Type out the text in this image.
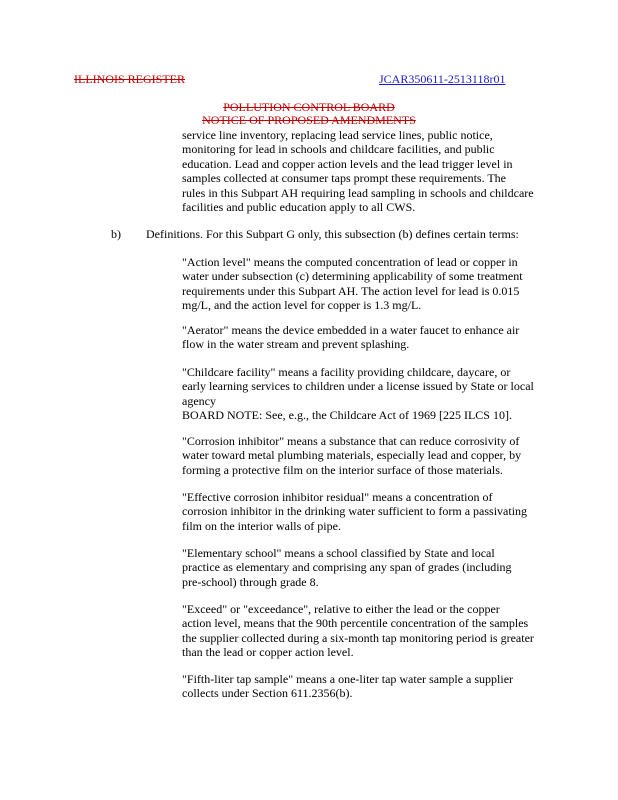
ILLINOIS REGISTER	JCAR350611-2513118r01
POLLUTION CONTROL BOARD
NOTICE OF PROPOSED AMENDMENTS
service line inventory, replacing lead service lines, public notice,
monitoring for lead in schools and childcare facilities, and public
education. Lead and copper action levels and the lead trigger level in
samples collected at consumer taps prompt these requirements. The
rules in this Subpart AH requiring lead sampling in schools and childcare
facilities and public education apply to all CWS.
b) Definitions. For this Subpart G only, this subsection (b) defines certain terms:
"Action level" means the computed concentration of lead or copper in
water under subsection (c) determining applicability of some treatment
requirements under this Subpart AH. The action level for lead is 0.015
mg/L, and the action level for copper is 1.3 mg/L.
"Aerator" means the device embedded in a water faucet to enhance air
flow in the water stream and prevent splashing.
"Childcare facility" means a facility providing childcare, daycare, or
early learning services to children under a license issued by State or local
agency
BOARD NOTE: See, e.g., the Childcare Act of 1969 [225 ILCS 10].
"Corrosion inhibitor" means a substance that can reduce corrosivity of
water toward metal plumbing materials, especially lead and copper, by
forming a protective film on the interior surface of those materials.
"Effective corrosion inhibitor residual" means a concentration of
corrosion inhibitor in the drinking water sufficient to form a passivating
film on the interior walls of pipe.
"Elementary school" means a school classified by State and local
practice as elementary and comprising any span of grades (including
pre-school) through grade 8.
"Exceed" or "exceedance", relative to either the lead or the copper
action level, means that the 90th percentile concentration of the samples
the supplier collected during a six-month tap monitoring period is greater
than the lead or copper action level.
"Fifth-liter tap sample" means a one-liter tap water sample a supplier
collects under Section 611.2356(b).
